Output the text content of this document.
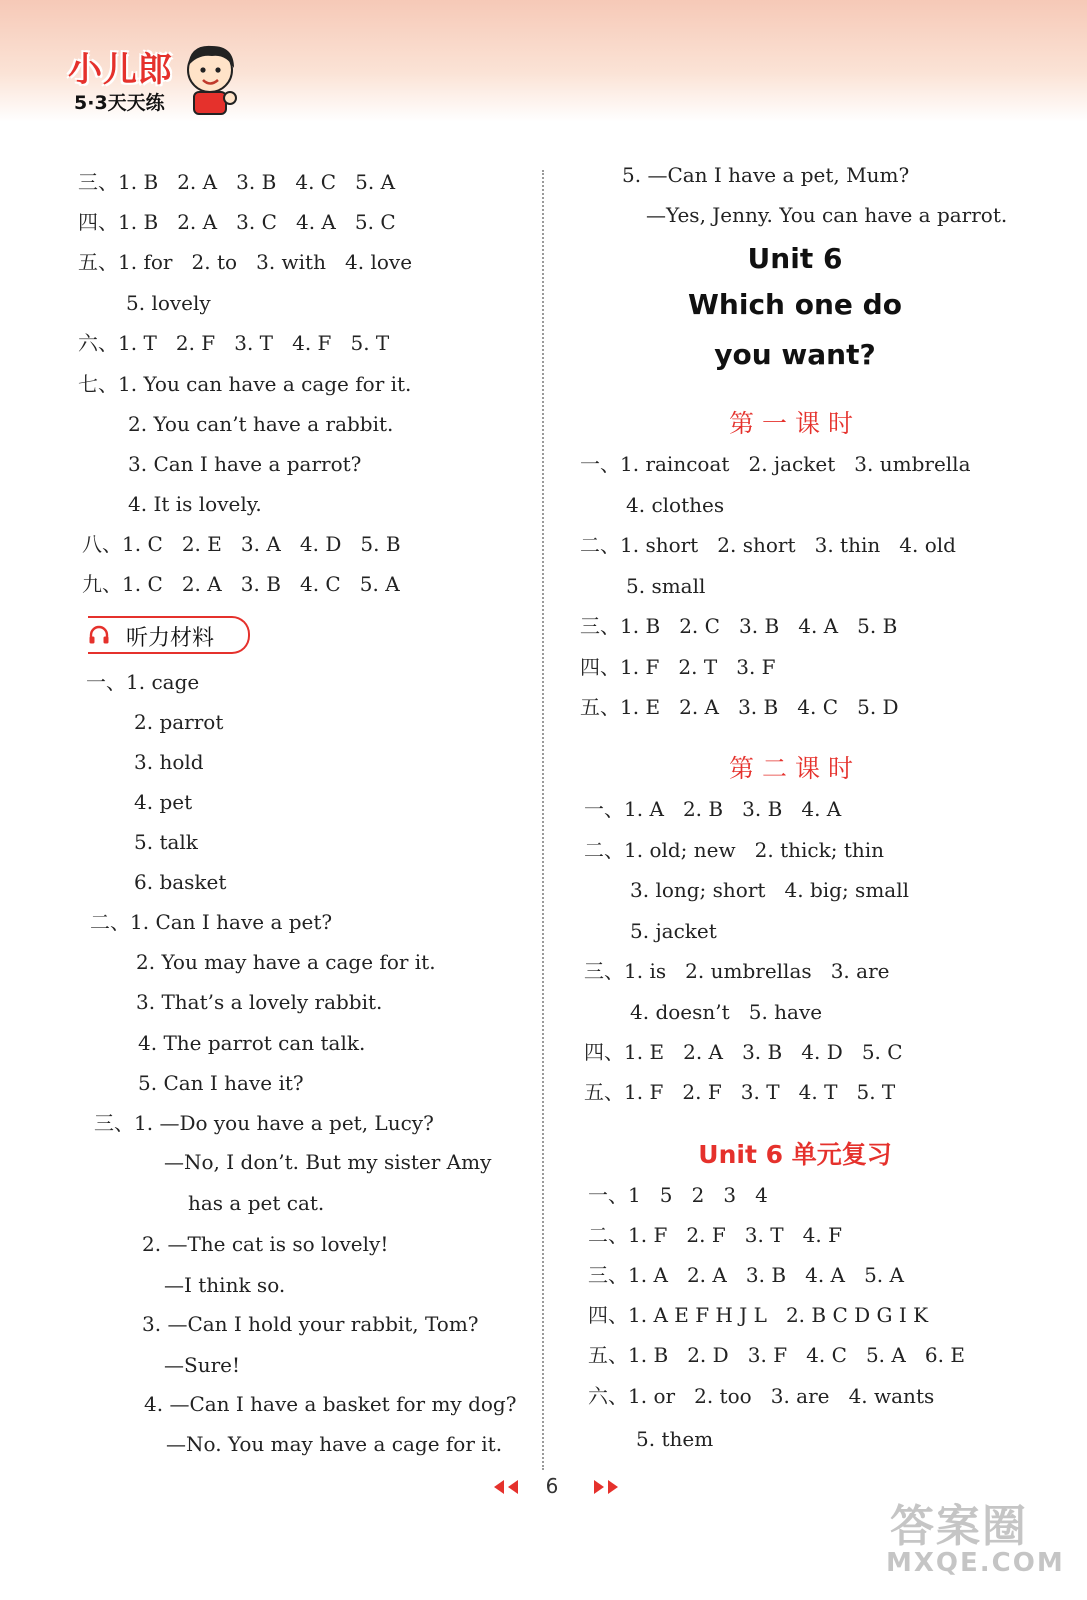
小儿郎
5·3天天练
三、1. B   2. A   3. B   4. C   5. A
四、1. B   2. A   3. C   4. A   5. C
五、1. for   2. to   3. with   4. love
5. lovely
六、1. T   2. F   3. T   4. F   5. T
七、1. You can have a cage for it.
2. You can’t have a rabbit.
3. Can I have a parrot?
4. It is lovely.
八、1. C   2. E   3. A   4. D   5. B
九、1. C   2. A   3. B   4. C   5. A
听力材料
一、1. cage
2. parrot
3. hold
4. pet
5. talk
6. basket
二、1. Can I have a pet?
2. You may have a cage for it.
3. That’s a lovely rabbit.
4. The parrot can talk.
5. Can I have it?
三、1. —Do you have a pet, Lucy?
—No, I don’t. But my sister Amy
has a pet cat.
2. —The cat is so lovely!
—I think so.
3. —Can I hold your rabbit, Tom?
—Sure!
4. —Can I have a basket for my dog?
—No. You may have a cage for it.
5. —Can I have a pet, Mum?
—Yes, Jenny. You can have a parrot.
Unit 6
Which one do
you want?
第一课时
一、1. raincoat   2. jacket   3. umbrella
4. clothes
二、1. short   2. short   3. thin   4. old
5. small
三、1. B   2. C   3. B   4. A   5. B
四、1. F   2. T   3. F
五、1. E   2. A   3. B   4. C   5. D
第二课时
一、1. A   2. B   3. B   4. A
二、1. old; new   2. thick; thin
3. long; short   4. big; small
5. jacket
三、1. is   2. umbrellas   3. are
4. doesn’t   5. have
四、1. E   2. A   3. B   4. D   5. C
五、1. F   2. F   3. T   4. T   5. T
Unit 6 单元复习
一、1   5   2   3   4
二、1. F   2. F   3. T   4. F
三、1. A   2. A   3. B   4. A   5. A
四、1. A E F H J L   2. B C D G I K
五、1. B   2. D   3. F   4. C   5. A   6. E
六、1. or   2. too   3. are   4. wants
5. them
6
答案圈
MXQE.COM
